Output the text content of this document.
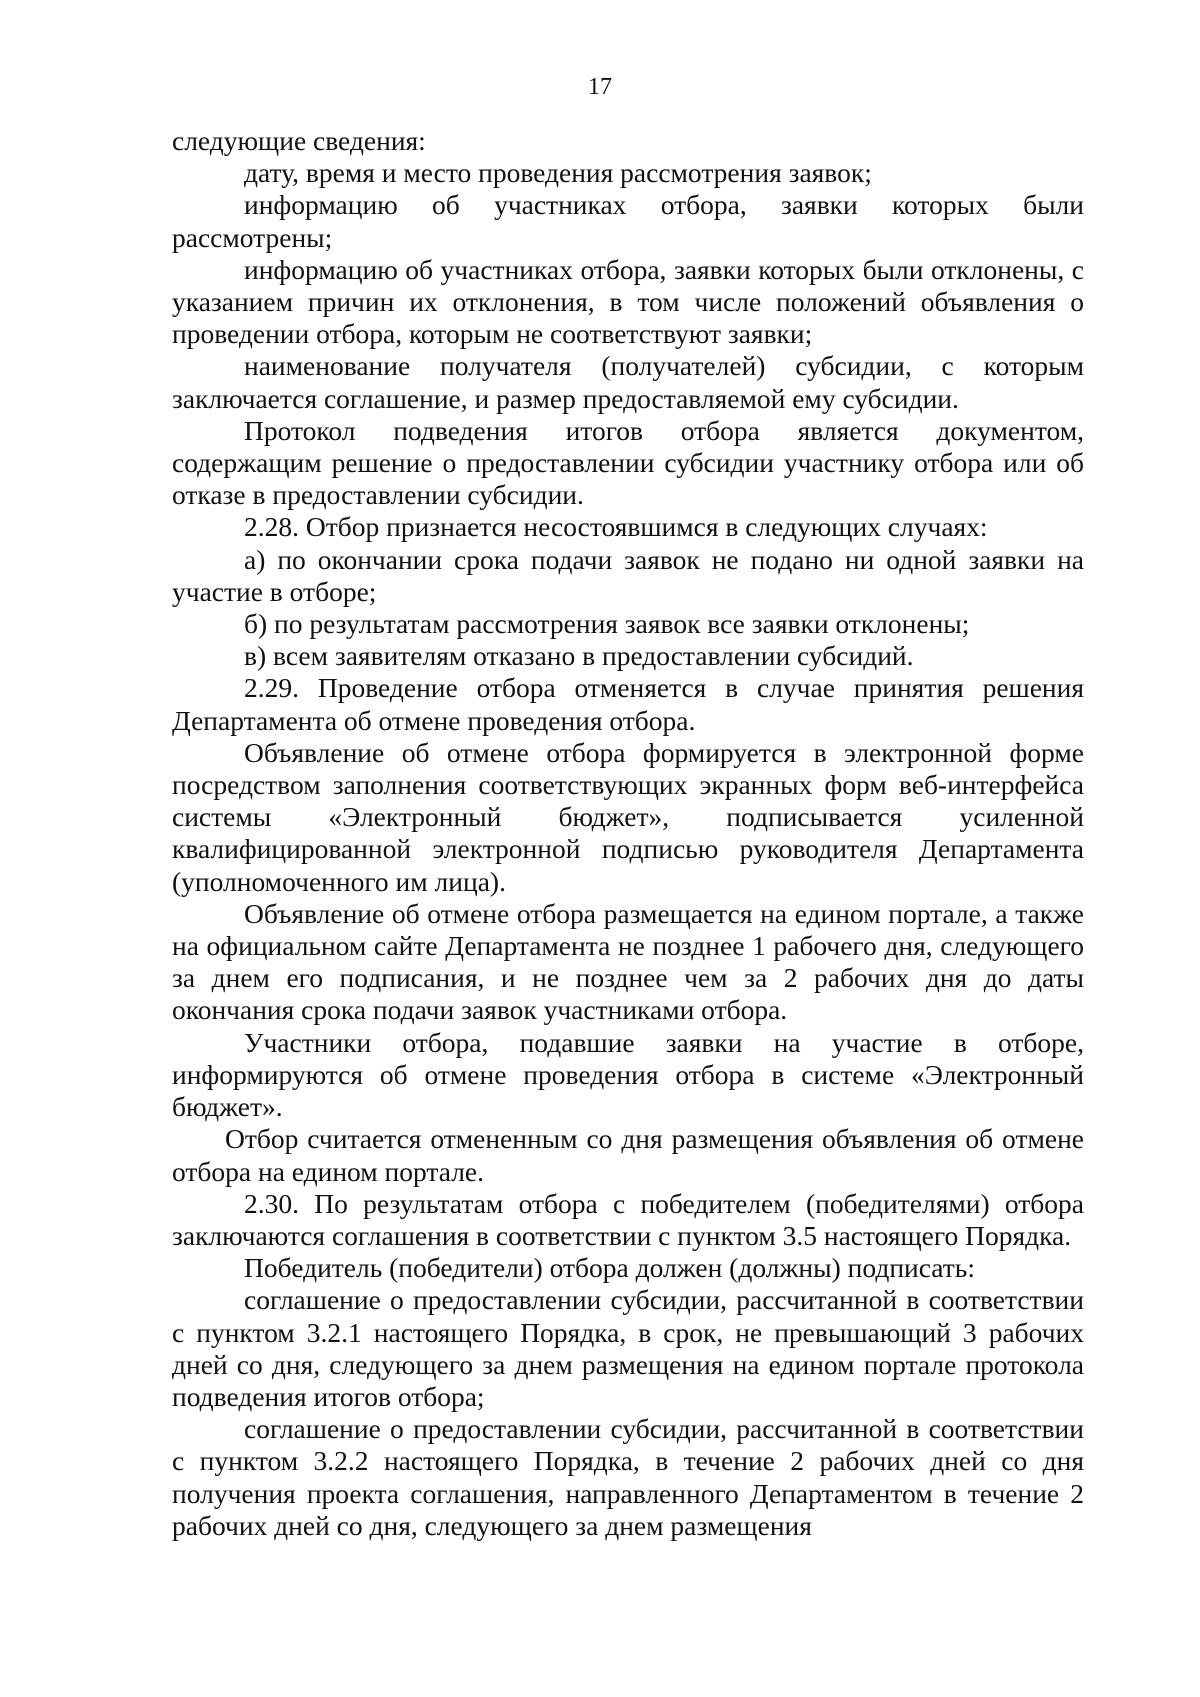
17

следующие сведения:

дату, время и место проведения рассмотрения заявок;

информацию об участниках отбора, заявки которых были рассмотрены;

информацию об участниках отбора, заявки которых были отклонены, с указанием причин их отклонения, в том числе положений объявления о проведении отбора, которым не соответствуют заявки;

наименование получателя (получателей) субсидии, с которым заключается соглашение, и размер предоставляемой ему субсидии.

Протокол подведения итогов отбора является документом, содержащим решение о предоставлении субсидии участнику отбора или об отказе в предоставлении субсидии.

2.28. Отбор признается несостоявшимся в следующих случаях:

а) по окончании срока подачи заявок не подано ни одной заявки на участие в отборе;

б) по результатам рассмотрения заявок все заявки отклонены;

в) всем заявителям отказано в предоставлении субсидий.

2.29. Проведение отбора отменяется в случае принятия решения Департамента об отмене проведения отбора.

Объявление об отмене отбора формируется в электронной форме посредством заполнения соответствующих экранных форм веб-интерфейса системы «Электронный бюджет», подписывается усиленной квалифицированной электронной подписью руководителя Департамента (уполномоченного им лица).

Объявление об отмене отбора размещается на едином портале, а также на официальном сайте Департамента не позднее 1 рабочего дня, следующего за днем его подписания, и не позднее чем за 2 рабочих дня до даты окончания срока подачи заявок участниками отбора.

Участники отбора, подавшие заявки на участие в отборе, информируются об отмене проведения отбора в системе «Электронный бюджет».

Отбор считается отмененным со дня размещения объявления об отмене отбора на едином портале.

2.30. По результатам отбора с победителем (победителями) отбора заключаются соглашения в соответствии с пунктом 3.5 настоящего Порядка.

Победитель (победители) отбора должен (должны) подписать:

соглашение о предоставлении субсидии, рассчитанной в соответствии с пунктом 3.2.1 настоящего Порядка, в срок, не превышающий 3 рабочих дней со дня, следующего за днем размещения на едином портале протокола подведения итогов отбора;

соглашение о предоставлении субсидии, рассчитанной в соответствии с пунктом 3.2.2 настоящего Порядка, в течение 2 рабочих дней со дня получения проекта соглашения, направленного Департаментом в течение 2 рабочих дней со дня, следующего за днем размещения
